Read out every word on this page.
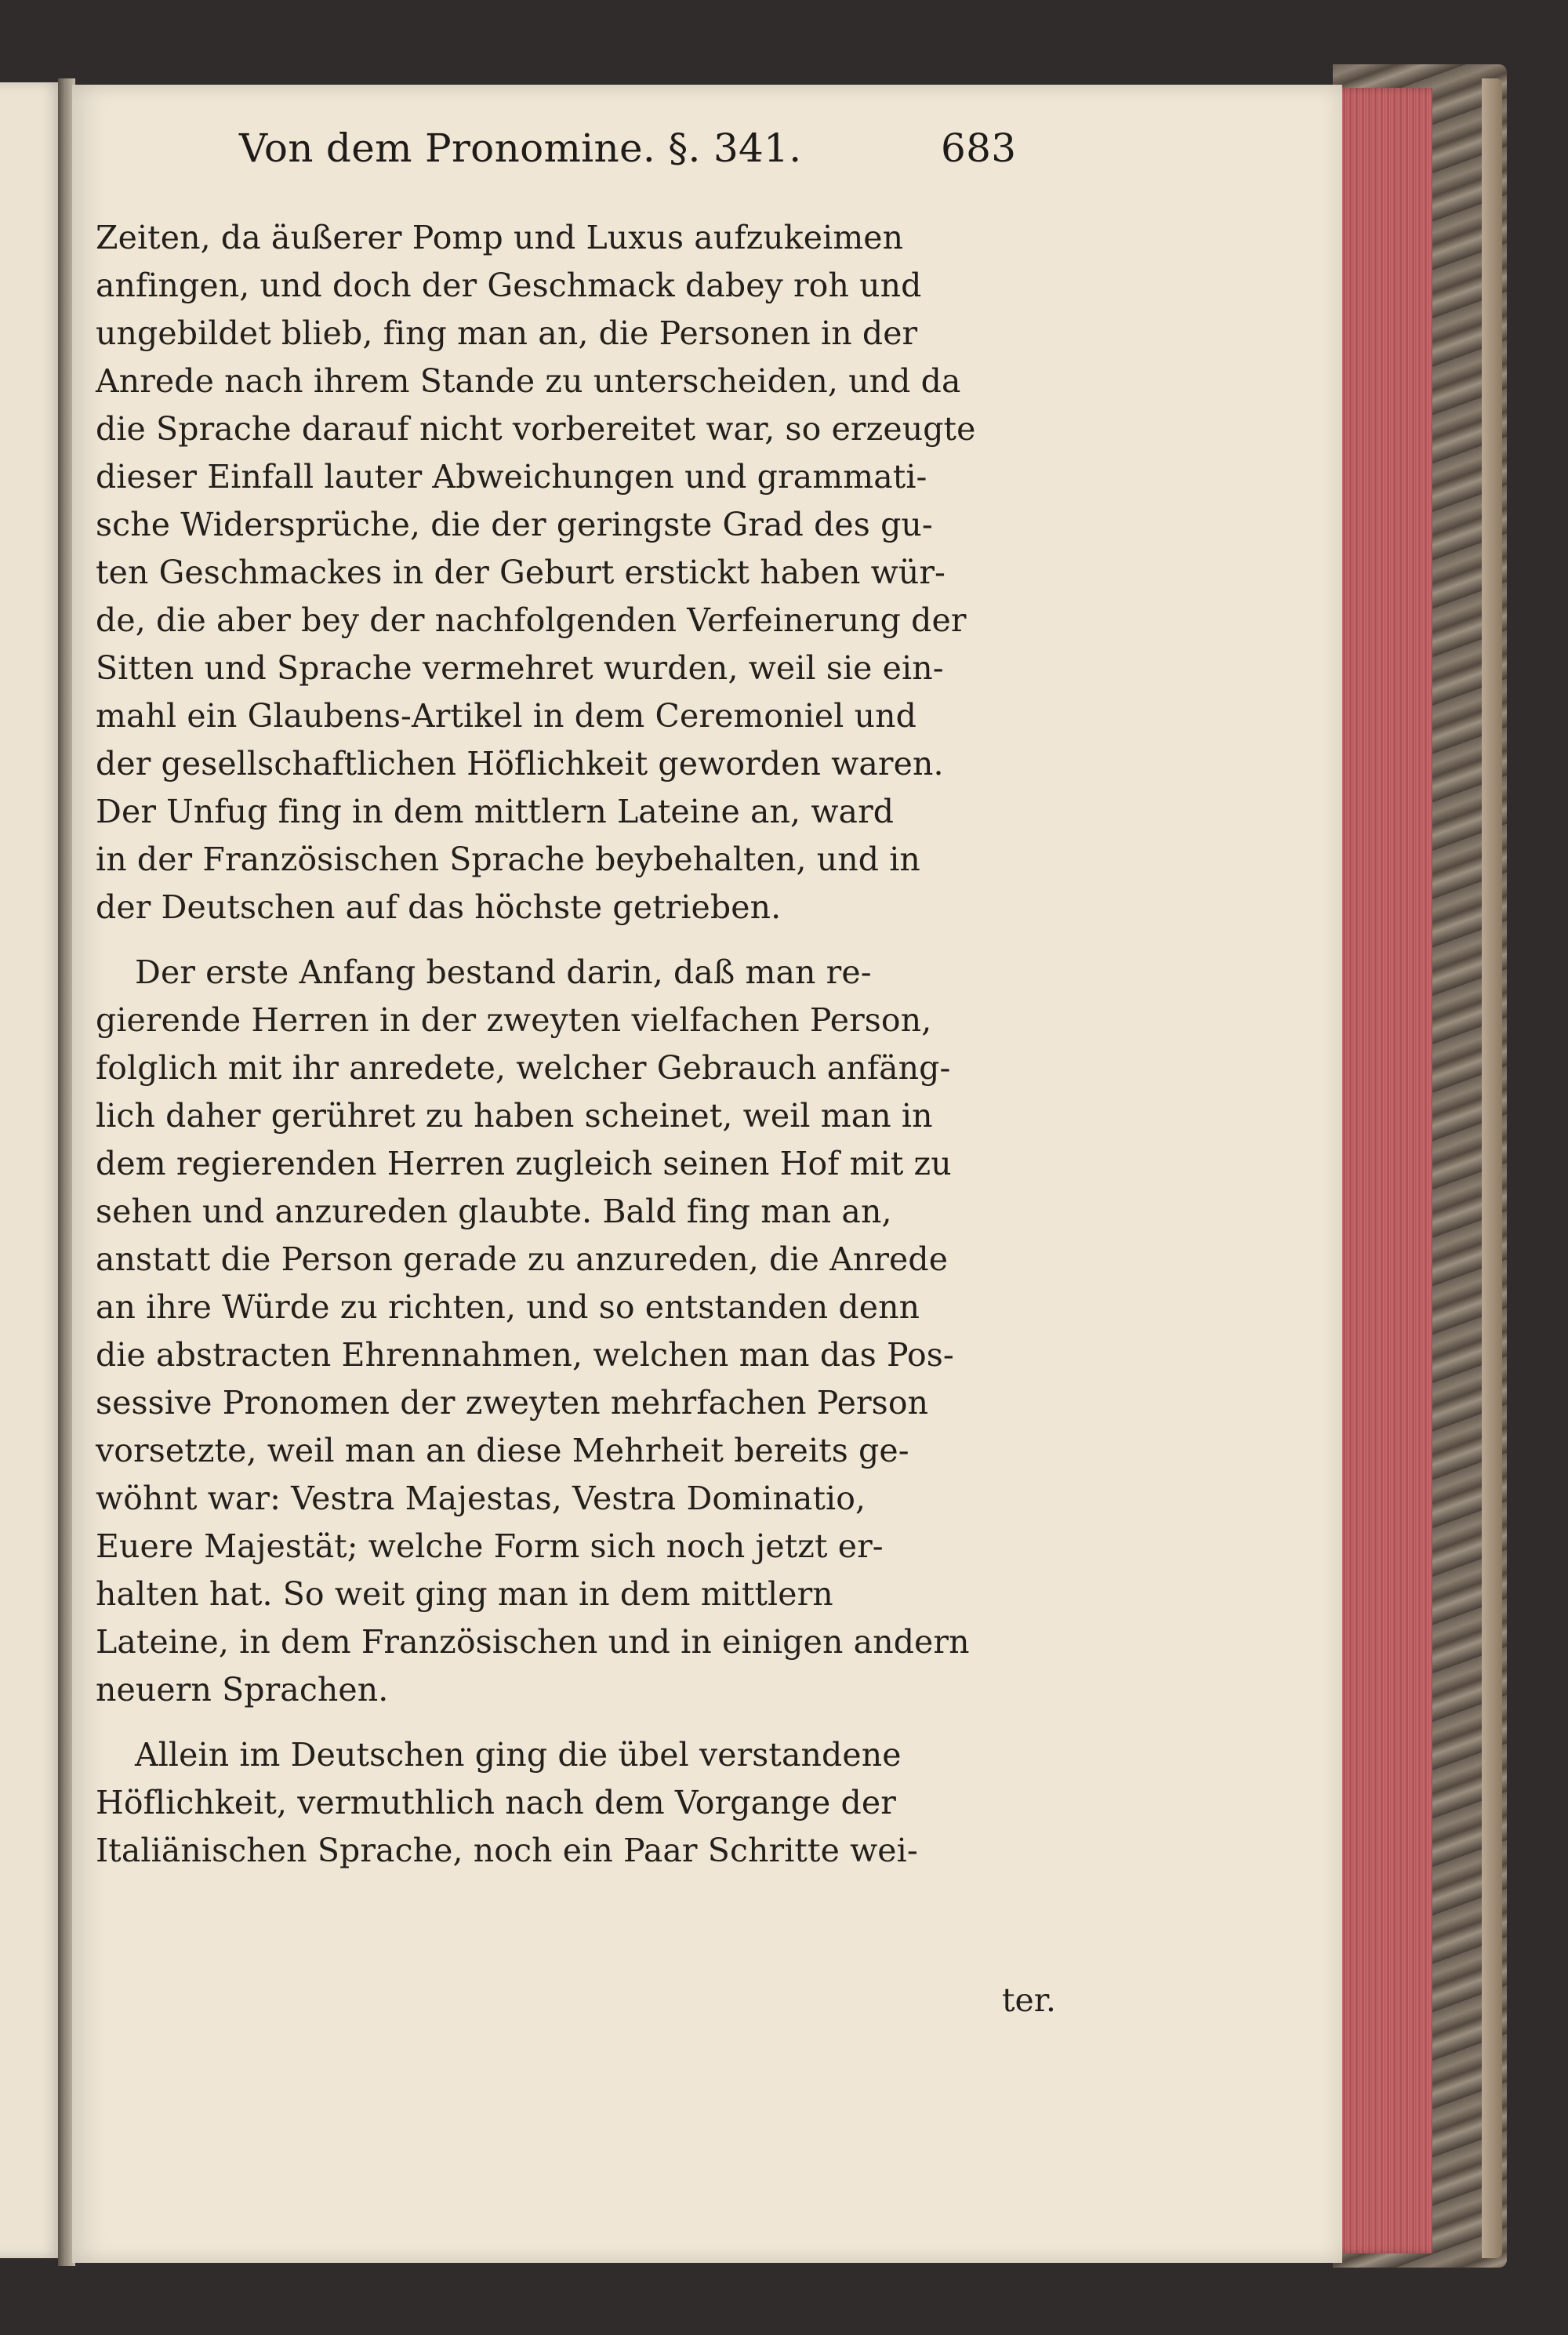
Von dem Pronomine. §. 341.	683
Zeiten, da äußerer Pomp und Luxus aufzukeimen
anfingen, und doch der Geschmack dabey roh und
ungebildet blieb, fing man an, die Personen in der
Anrede nach ihrem Stande zu unterscheiden, und da
die Sprache darauf nicht vorbereitet war, so erzeugte
dieser Einfall lauter Abweichungen und grammati-
sche Widersprüche, die der geringste Grad des gu-
ten Geschmackes in der Geburt erstickt haben wür-
de, die aber bey der nachfolgenden Verfeinerung der
Sitten und Sprache vermehret wurden, weil sie ein-
mahl ein Glaubens-Artikel in dem Ceremoniel und
der gesellschaftlichen Höflichkeit geworden waren.
Der Unfug fing in dem mittlern Lateine an, ward
in der Französischen Sprache beybehalten, und in
der Deutschen auf das höchste getrieben.
Der erste Anfang bestand darin, daß man re-
gierende Herren in der zweyten vielfachen Person,
folglich mit ihr anredete, welcher Gebrauch anfäng-
lich daher gerühret zu haben scheinet, weil man in
dem regierenden Herren zugleich seinen Hof mit zu
sehen und anzureden glaubte. Bald fing man an,
anstatt die Person gerade zu anzureden, die Anrede
an ihre Würde zu richten, und so entstanden denn
die abstracten Ehrennahmen, welchen man das Pos-
sessive Pronomen der zweyten mehrfachen Person
vorsetzte, weil man an diese Mehrheit bereits ge-
wöhnt war: Vestra Majestas, Vestra Dominatio,
Euere Majestät; welche Form sich noch jetzt er-
halten hat. So weit ging man in dem mittlern
Lateine, in dem Französischen und in einigen andern
neuern Sprachen.
Allein im Deutschen ging die übel verstandene
Höflichkeit, vermuthlich nach dem Vorgange der
Italiänischen Sprache, noch ein Paar Schritte wei-
ter.
